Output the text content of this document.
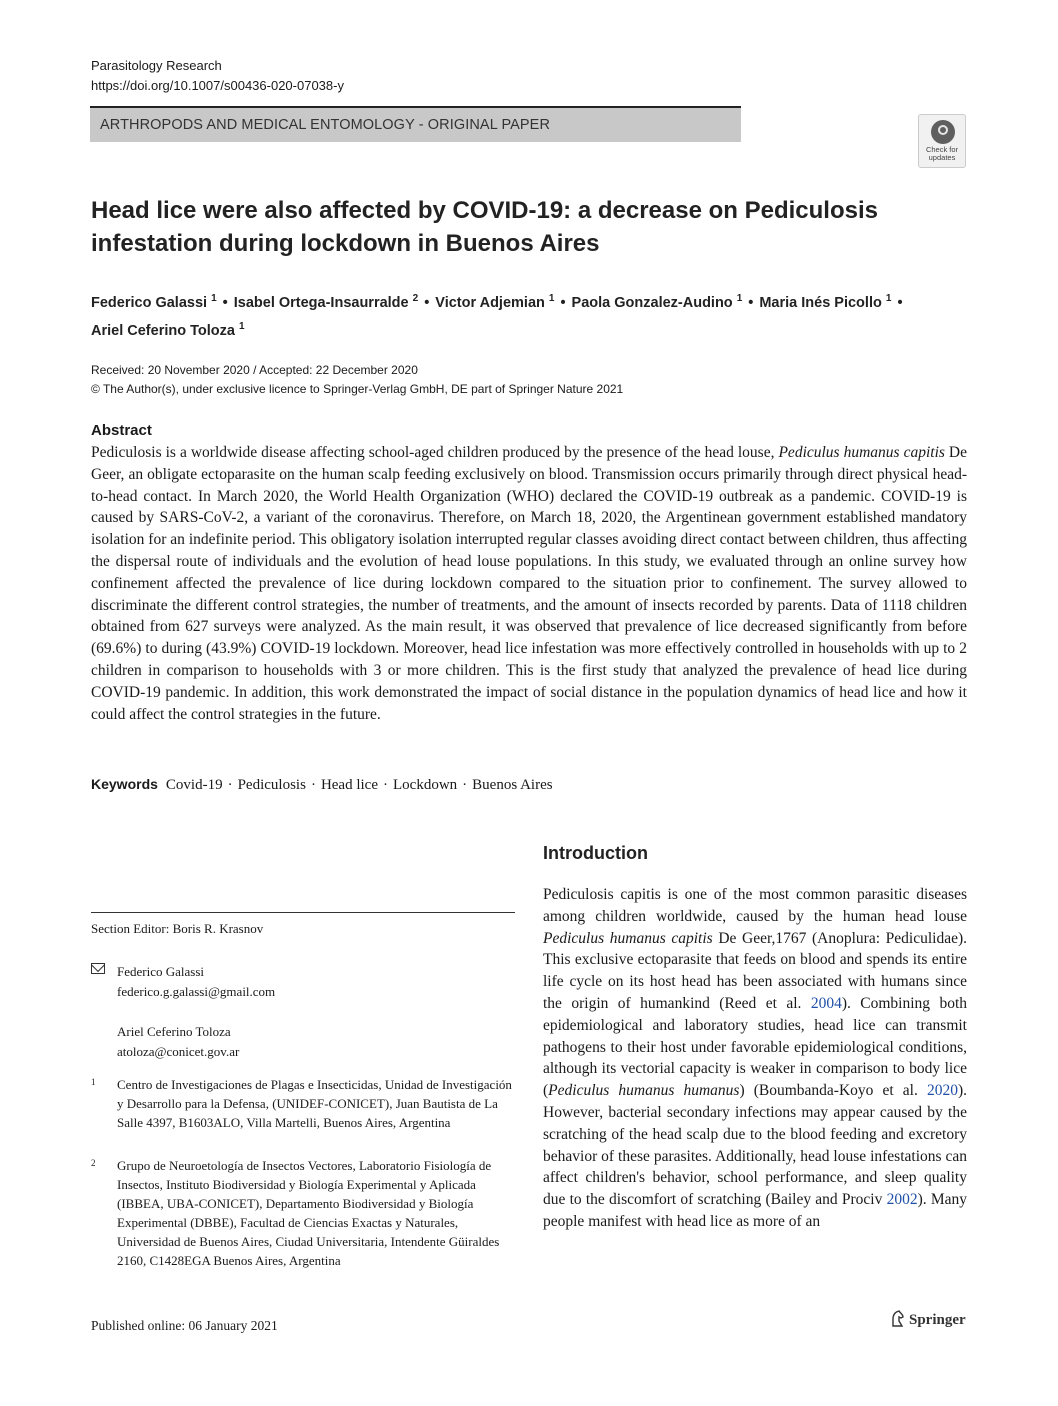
Parasitology Research
https://doi.org/10.1007/s00436-020-07038-y
ARTHROPODS AND MEDICAL ENTOMOLOGY - ORIGINAL PAPER
Check for updates
Head lice were also affected by COVID-19: a decrease on Pediculosis infestation during lockdown in Buenos Aires
Federico Galassi $^1$ • Isabel Ortega-Insaurralde $^2$ • Victor Adjemian $^1$ • Paola Gonzalez-Audino $^1$ • Maria Inés Picollo $^1$ •
Ariel Ceferino Toloza $^1$
Received: 20 November 2020 / Accepted: 22 December 2020
© The Author(s), under exclusive licence to Springer-Verlag GmbH, DE part of Springer Nature 2021
Abstract
Pediculosis is a worldwide disease affecting school-aged children produced by the presence of the head louse, Pediculus humanus capitis De Geer, an obligate ectoparasite on the human scalp feeding exclusively on blood. Transmission occurs primarily through direct physical head-to-head contact. In March 2020, the World Health Organization (WHO) declared the COVID-19 outbreak as a pandemic. COVID-19 is caused by SARS-CoV-2, a variant of the coronavirus. Therefore, on March 18, 2020, the Argentinean government established mandatory isolation for an indefinite period. This obligatory isolation interrupted regular classes avoiding direct contact between children, thus affecting the dispersal route of individuals and the evolution of head louse populations. In this study, we evaluated through an online survey how confinement affected the prevalence of lice during lockdown compared to the situation prior to confinement. The survey allowed to discriminate the different control strategies, the number of treatments, and the amount of insects recorded by parents. Data of 1118 children obtained from 627 surveys were analyzed. As the main result, it was observed that prevalence of lice decreased significantly from before (69.6%) to during (43.9%) COVID-19 lockdown. Moreover, head lice infestation was more effectively controlled in households with up to 2 children in comparison to households with 3 or more children. This is the first study that analyzed the prevalence of head lice during COVID-19 pandemic. In addition, this work demonstrated the impact of social distance in the population dynamics of head lice and how it could affect the control strategies in the future.
Keywords Covid-19 · Pediculosis · Head lice · Lockdown · Buenos Aires
Introduction
Pediculosis capitis is one of the most common parasitic diseases among children worldwide, caused by the human head louse Pediculus humanus capitis De Geer,1767 (Anoplura: Pediculidae). This exclusive ectoparasite that feeds on blood and spends its entire life cycle on its host head has been associated with humans since the origin of humankind (Reed et al. 2004). Combining both epidemiological and laboratory studies, head lice can transmit pathogens to their host under favorable epidemiological conditions, although its vectorial capacity is weaker in comparison to body lice (Pediculus humanus humanus) (Boumbanda-Koyo et al. 2020). However, bacterial secondary infections may appear caused by the scratching of the head scalp due to the blood feeding and excretory behavior of these parasites. Additionally, head louse infestations can affect children's behavior, school performance, and sleep quality due to the discomfort of scratching (Bailey and Prociv 2002). Many people manifest with head lice as more of an
Section Editor: Boris R. Krasnov
Federico Galassi
federico.g.galassi@gmail.com
Ariel Ceferino Toloza
atoloza@conicet.gov.ar
1 Centro de Investigaciones de Plagas e Insecticidas, Unidad de Investigación y Desarrollo para la Defensa, (UNIDEF-CONICET), Juan Bautista de La Salle 4397, B1603ALO, Villa Martelli, Buenos Aires, Argentina
2 Grupo de Neuroetología de Insectos Vectores, Laboratorio Fisiología de Insectos, Instituto Biodiversidad y Biología Experimental y Aplicada (IBBEA, UBA-CONICET), Departamento Biodiversidad y Biología Experimental (DBBE), Facultad de Ciencias Exactas y Naturales, Universidad de Buenos Aires, Ciudad Universitaria, Intendente Güiraldes 2160, C1428EGA Buenos Aires, Argentina
Published online: 06 January 2021	Springer
